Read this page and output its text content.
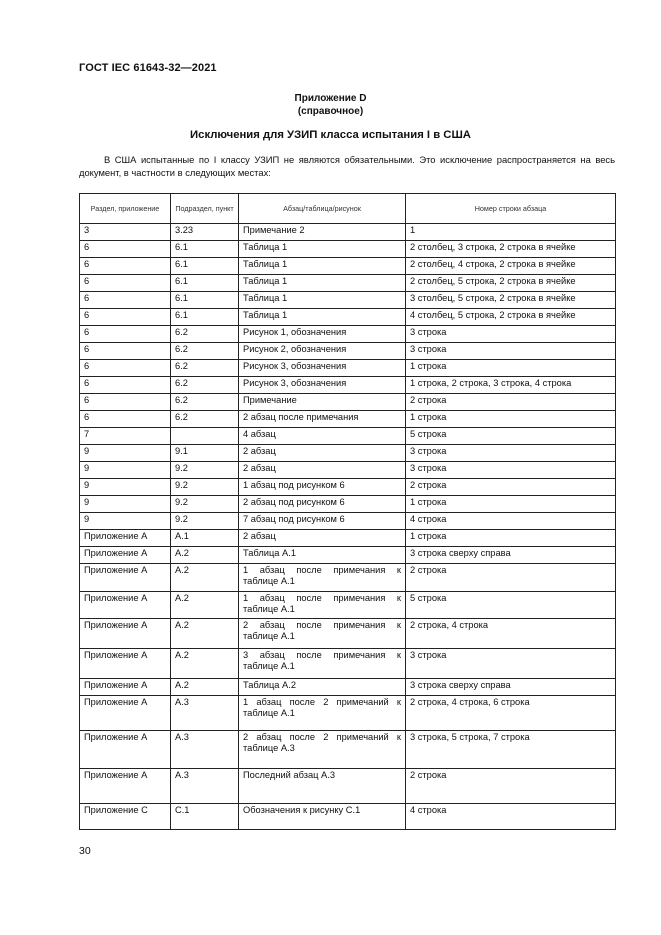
ГОСТ IEC 61643-32—2021
Приложение D
(справочное)
Исключения для УЗИП класса испытания I в США
В США испытанные по I классу УЗИП не являются обязательными. Это исключение распространяется на весь документ, в частности в следующих местах:
Раздел, приложение	Подраздел, пункт	Абзац/таблица/рисунок	Номер строки абзаца
3	3.23	Примечание 2	1
6	6.1	Таблица 1	2 столбец, 3 строка, 2 строка в ячейке
6	6.1	Таблица 1	2 столбец, 4 строка, 2 строка в ячейке
6	6.1	Таблица 1	2 столбец, 5 строка, 2 строка в ячейке
6	6.1	Таблица 1	3 столбец, 5 строка, 2 строка в ячейке
6	6.1	Таблица 1	4 столбец, 5 строка, 2 строка в ячейке
6	6.2	Рисунок 1, обозначения	3 строка
6	6.2	Рисунок 2, обозначения	3 строка
6	6.2	Рисунок 3, обозначения	1 строка
6	6.2	Рисунок 3, обозначения	1 строка, 2 строка, 3 строка, 4 строка
6	6.2	Примечание	2 строка
6	6.2	2 абзац после примечания	1 строка
7		4 абзац	5 строка
9	9.1	2 абзац	3 строка
9	9.2	2 абзац	3 строка
9	9.2	1 абзац под рисунком 6	2 строка
9	9.2	2 абзац под рисунком 6	1 строка
9	9.2	7 абзац под рисунком 6	4 строка
Приложение А	А.1	2 абзац	1 строка
Приложение А	А.2	Таблица А.1	3 строка сверху справа
Приложение А	А.2	1 абзац после примечания к таблице А.1	2 строка
Приложение А	А.2	1 абзац после примечания к таблице А.1	5 строка
Приложение А	А.2	2 абзац после примечания к таблице А.1	2 строка, 4 строка
Приложение А	А.2	3 абзац после примечания к таблице А.1	3 строка
Приложение А	А.2	Таблица А.2	3 строка сверху справа
Приложение А	А.3	1 абзац после 2 примечаний к таблице А.1	2 строка, 4 строка, 6 строка
Приложение А	А.3	2 абзац после 2 примечаний к таблице А.3	3 строка, 5 строка, 7 строка
Приложение А	А.3	Последний абзац А.3	2 строка
Приложение С	С.1	Обозначения к рисунку С.1	4 строка
30
